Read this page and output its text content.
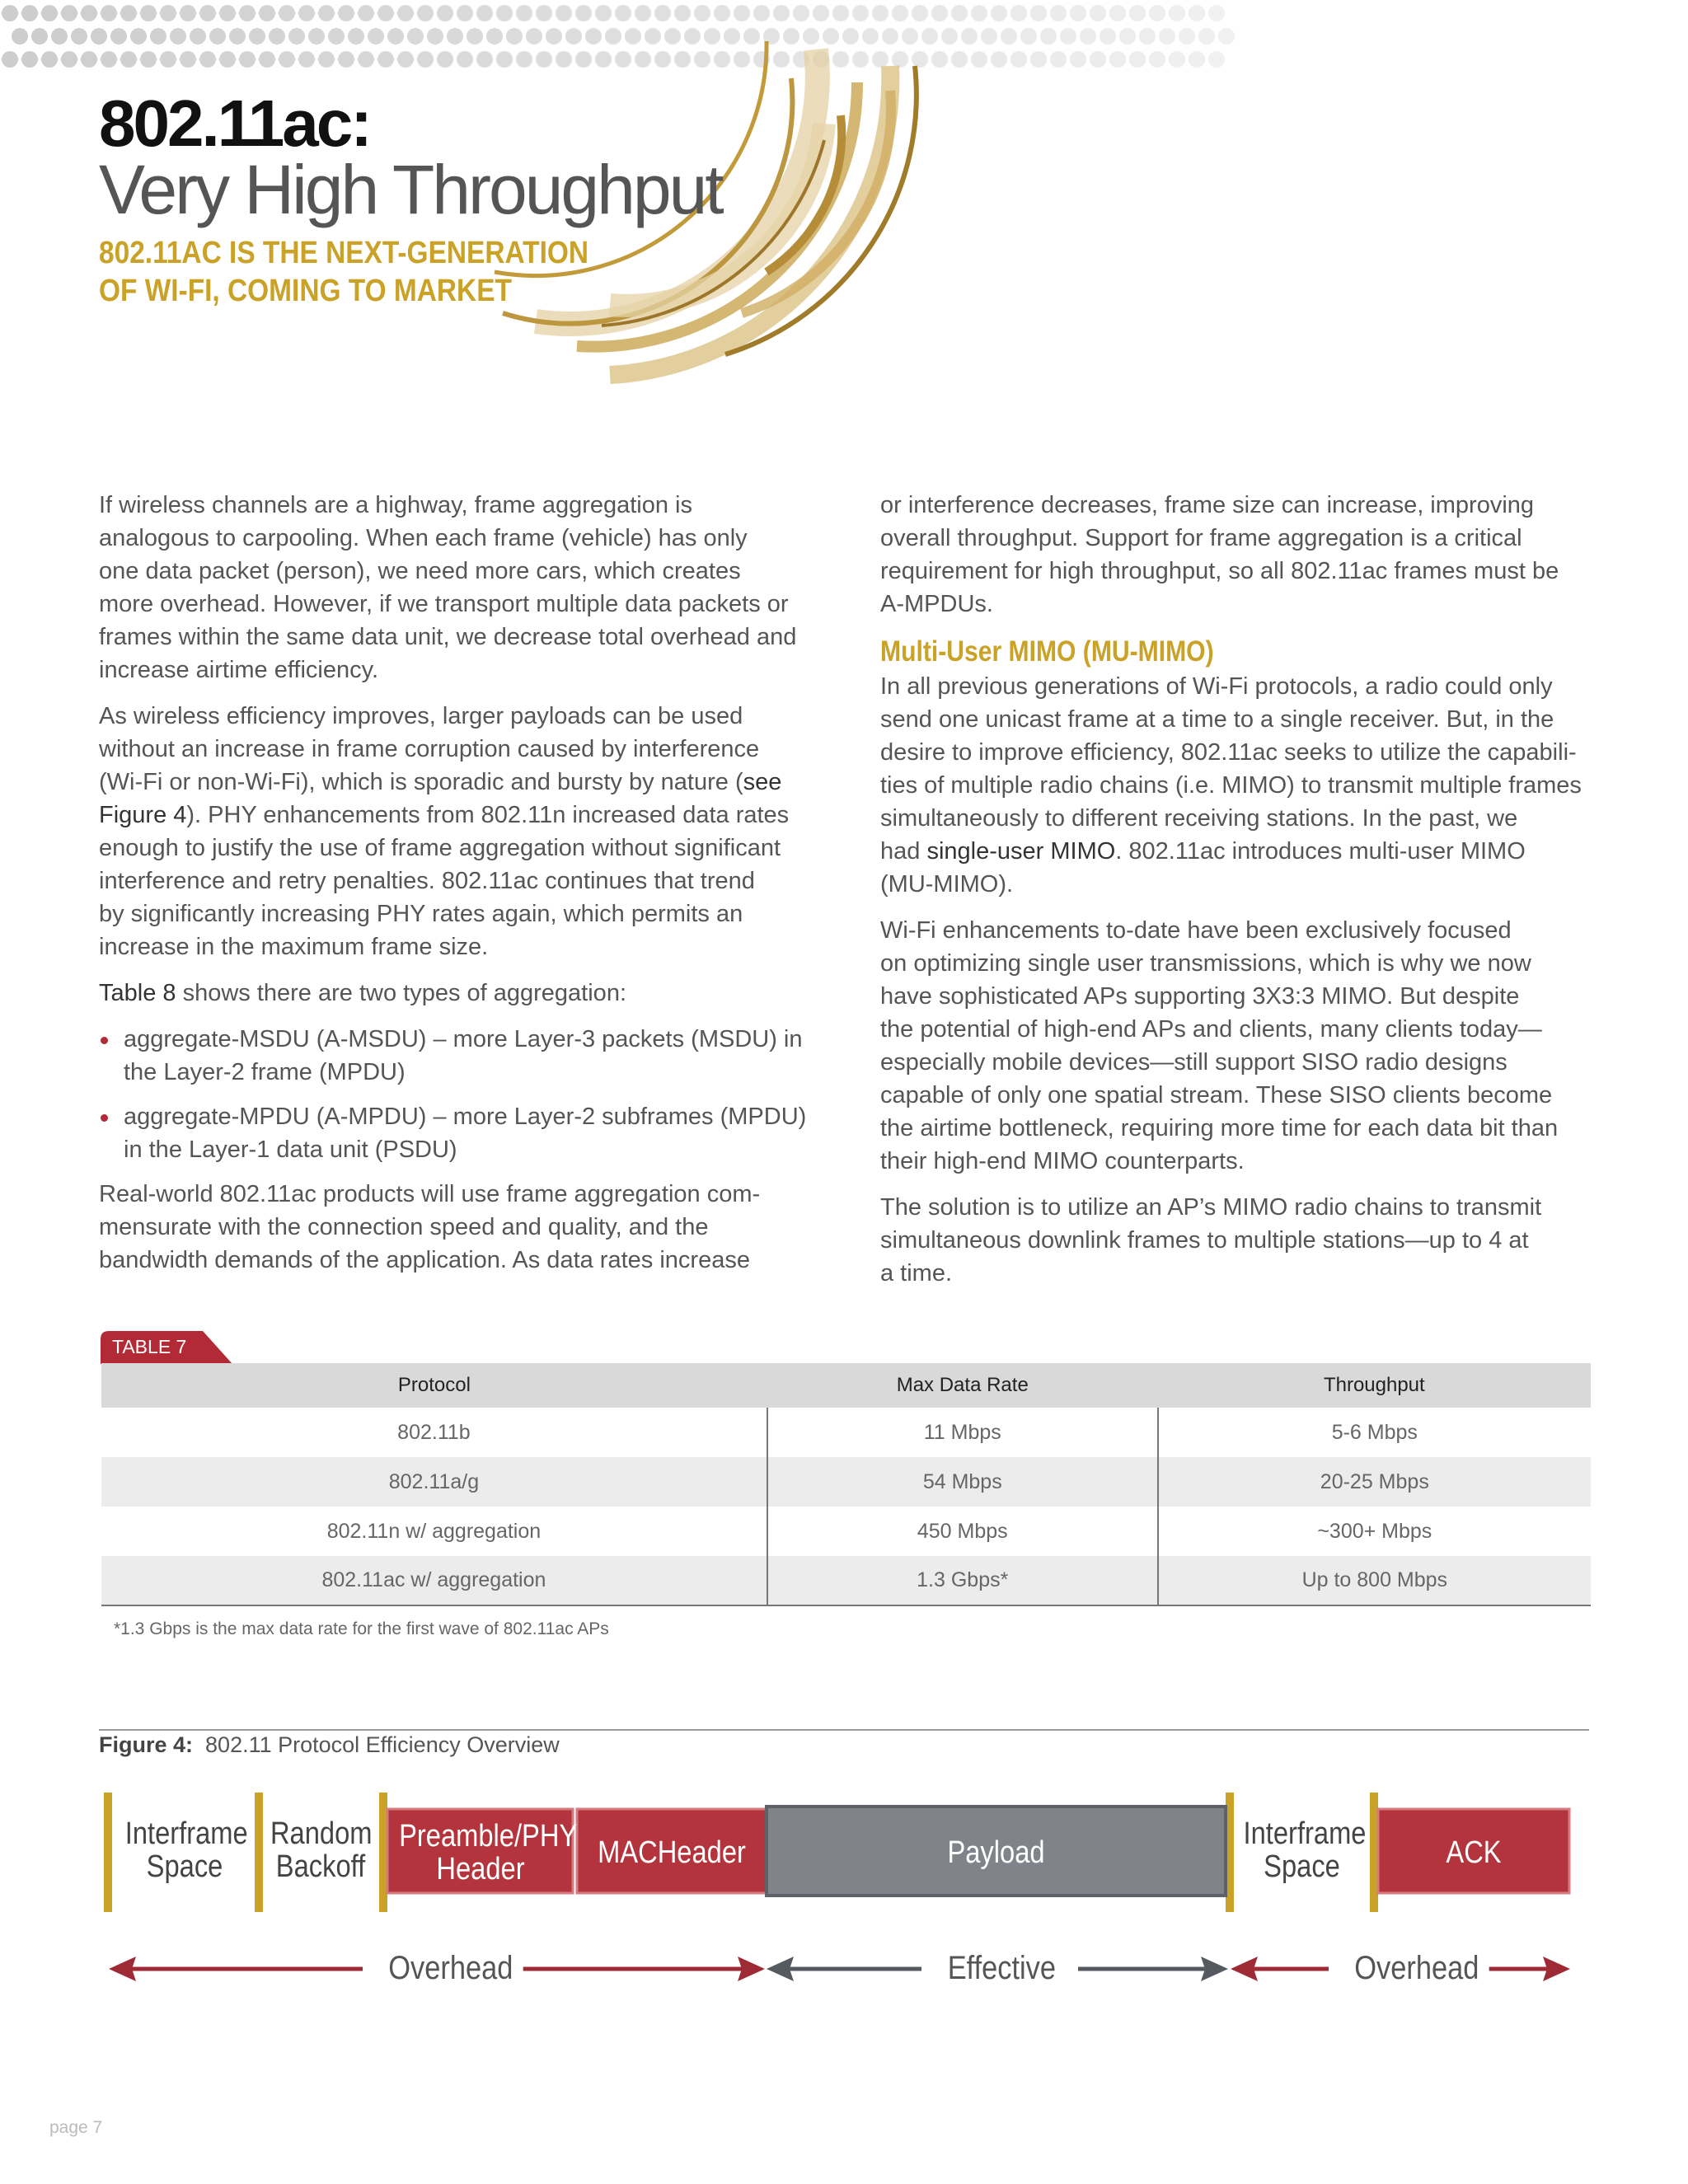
802.11ac:
Very High Throughput
802.11AC IS THE NEXT-GENERATION
OF WI-FI, COMING TO MARKET

If wireless channels are a highway, frame aggregation is
analogous to carpooling. When each frame (vehicle) has only
one data packet (person), we need more cars, which creates
more overhead. However, if we transport multiple data packets or
frames within the same data unit, we decrease total overhead and
increase airtime efficiency.

As wireless efficiency improves, larger payloads can be used
without an increase in frame corruption caused by interference
(Wi-Fi or non-Wi-Fi), which is sporadic and bursty by nature (see
Figure 4). PHY enhancements from 802.11n increased data rates
enough to justify the use of frame aggregation without significant
interference and retry penalties. 802.11ac continues that trend
by significantly increasing PHY rates again, which permits an
increase in the maximum frame size.

Table 8 shows there are two types of aggregation:

aggregate-MSDU (A-MSDU) – more Layer-3 packets (MSDU) in
the Layer-2 frame (MPDU)
aggregate-MPDU (A-MPDU) – more Layer-2 subframes (MPDU)
in the Layer-1 data unit (PSDU)

Real-world 802.11ac products will use frame aggregation com-
mensurate with the connection speed and quality, and the
bandwidth demands of the application. As data rates increase

or interference decreases, frame size can increase, improving
overall throughput. Support for frame aggregation is a critical
requirement for high throughput, so all 802.11ac frames must be
A-MPDUs.

Multi-User MIMO (MU-MIMO)

In all previous generations of Wi-Fi protocols, a radio could only
send one unicast frame at a time to a single receiver. But, in the
desire to improve efficiency, 802.11ac seeks to utilize the capabili-
ties of multiple radio chains (i.e. MIMO) to transmit multiple frames
simultaneously to different receiving stations. In the past, we
had single-user MIMO. 802.11ac introduces multi-user MIMO
(MU-MIMO).

Wi-Fi enhancements to-date have been exclusively focused
on optimizing single user transmissions, which is why we now
have sophisticated APs supporting 3X3:3 MIMO. But despite
the potential of high-end APs and clients, many clients today—
especially mobile devices—still support SISO radio designs
capable of only one spatial stream. These SISO clients become
the airtime bottleneck, requiring more time for each data bit than
their high-end MIMO counterparts.

The solution is to utilize an AP’s MIMO radio chains to transmit
simultaneous downlink frames to multiple stations—up to 4 at
a time.

TABLE 7
Protocol	Max Data Rate	Throughput
802.11b	11 Mbps	5-6 Mbps
802.11a/g	54 Mbps	20-25 Mbps
802.11n w/ aggregation	450 Mbps	~300+ Mbps
802.11ac w/ aggregation	1.3 Gbps*	Up to 800 Mbps
*1.3 Gbps is the max data rate for the first wave of 802.11ac APs
Figure 4: 802.11 Protocol Efficiency Overview
Interframe
Space
Random
Backoff
Preamble/PHY
Header	MACHeader	Payload
Interframe
Space	ACK
Overhead	Effective	Overhead
page 7
